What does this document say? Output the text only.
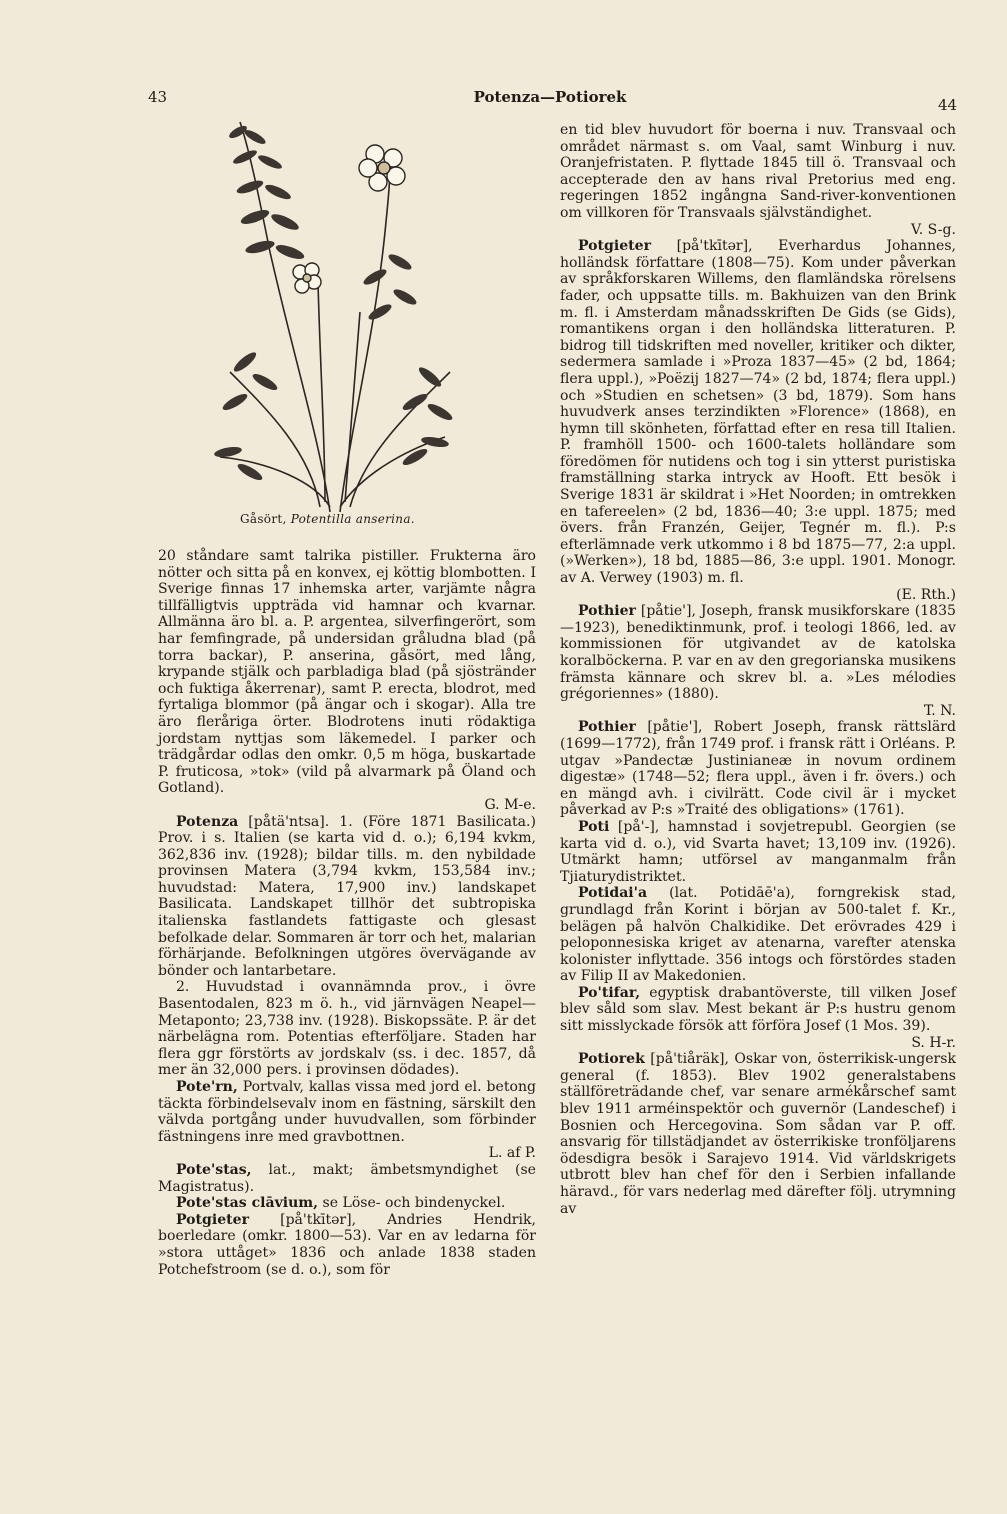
43	Potenza—Potiorek	44
Gåsört, Potentilla anserina.

20 ståndare samt talrika pistiller. Frukterna äro nötter och sitta på en konvex, ej köttig blombotten. I Sverige finnas 17 inhemska arter, varjämte några tillfälligtvis uppträda vid hamnar och kvarnar. Allmänna äro bl. a. P. argentea, silverfingerört, som har femfingrade, på undersidan gråludna blad (på torra backar), P. anserina, gåsört, med lång, krypande stjälk och parbladiga blad (på sjöstränder och fuktiga åkerrenar), samt P. erecta, blodrot, med fyrtaliga blommor (på ängar och i skogar). Alla tre äro fleråriga örter. Blodrotens inuti rödaktiga jordstam nyttjas som läkemedel. I parker och trädgårdar odlas den omkr. 0,5 m höga, buskartade P. fruticosa, »tok» (vild på alvarmark på Öland och Gotland).
G. M-e.

Potenza [påtä'ntsa]. 1. (Före 1871 Basilicata.) Prov. i s. Italien (se karta vid d. o.); 6,194 kvkm, 362,836 inv. (1928); bildar tills. m. den nybildade provinsen Matera (3,794 kvkm, 153,584 inv.; huvudstad: Matera, 17,900 inv.) landskapet Basilicata. Landskapet tillhör det subtropiska italienska fastlandets fattigaste och glesast befolkade delar. Sommaren är torr och het, malarian förhärjande. Befolkningen utgöres övervägande av bönder och lantarbetare.

2. Huvudstad i ovannämnda prov., i övre Basentodalen, 823 m ö. h., vid järnvägen Neapel—Metaponto; 23,738 inv. (1928). Biskopssäte. P. är det närbelägna rom. Potentias efterföljare. Staden har flera ggr förstörts av jordskalv (ss. i dec. 1857, då mer än 32,000 pers. i provinsen dödades).

Pote'rn, Portvalv, kallas vissa med jord el. betong täckta förbindelsevalv inom en fästning, särskilt den välvda portgång under huvudvallen, som förbinder fästningens inre med gravbottnen.
L. af P.

Pote'stas, lat., makt; ämbetsmyndighet (se Magistratus).

Pote'stas clāvium, se Löse- och bindenyckel.

Potgieter [på'tkītər], Andries Hendrik, boerledare (omkr. 1800—53). Var en av ledarna för »stora uttåget» 1836 och anlade 1838 staden Potchefstroom (se d. o.), som för

en tid blev huvudort för boerna i nuv. Transvaal och området närmast s. om Vaal, samt Winburg i nuv. Oranjefristaten. P. flyttade 1845 till ö. Transvaal och accepterade den av hans rival Pretorius med eng. regeringen 1852 ingångna Sand-river-konventionen om villkoren för Transvaals självständighet.
V. S-g.

Potgieter [på'tkītər], Everhardus Johannes, holländsk författare (1808—75). Kom under påverkan av språkforskaren Willems, den flamländska rörelsens fader, och uppsatte tills. m. Bakhuizen van den Brink m. fl. i Amsterdam månadsskriften De Gids (se Gids), romantikens organ i den holländska litteraturen. P. bidrog till tidskriften med noveller, kritiker och dikter, sedermera samlade i »Proza 1837—45» (2 bd, 1864; flera uppl.), »Poëzij 1827—74» (2 bd, 1874; flera uppl.) och »Studien en schetsen» (3 bd, 1879). Som hans huvudverk anses terzindikten »Florence» (1868), en hymn till skönheten, författad efter en resa till Italien. P. framhöll 1500- och 1600-talets holländare som föredömen för nutidens och tog i sin ytterst puristiska framställning starka intryck av Hooft. Ett besök i Sverige 1831 är skildrat i »Het Noorden; in omtrekken en tafereelen» (2 bd, 1836—40; 3:e uppl. 1875; med övers. från Franzén, Geijer, Tegnér m. fl.). P:s efterlämnade verk utkommo i 8 bd 1875—77, 2:a uppl. (»Werken»), 18 bd, 1885—86, 3:e uppl. 1901. Monogr. av A. Verwey (1903) m. fl.
(E. Rth.)

Pothier [påtie'], Joseph, fransk musikforskare (1835—1923), benediktinmunk, prof. i teologi 1866, led. av kommissionen för utgivandet av de katolska koralböckerna. P. var en av den gregorianska musikens främsta kännare och skrev bl. a. »Les mélodies grégoriennes» (1880).
T. N.

Pothier [påtie'], Robert Joseph, fransk rättslärd (1699—1772), från 1749 prof. i fransk rätt i Orléans. P. utgav »Pandectæ Justinianeæ in novum ordinem digestæ» (1748—52; flera uppl., även i fr. övers.) och en mängd avh. i civilrätt. Code civil är i mycket påverkad av P:s »Traité des obligations» (1761).

Poti [på'-], hamnstad i sovjetrepubl. Georgien (se karta vid d. o.), vid Svarta havet; 13,109 inv. (1926). Utmärkt hamn; utförsel av manganmalm från Tjiaturydistriktet.

Potidai'a (lat. Potidāē'a), forngrekisk stad, grundlagd från Korint i början av 500-talet f. Kr., belägen på halvön Chalkidike. Det erövrades 429 i peloponnesiska kriget av atenarna, varefter atenska kolonister inflyttade. 356 intogs och förstördes staden av Filip II av Makedonien.

Po'tifar, egyptisk drabantöverste, till vilken Josef blev såld som slav. Mest bekant är P:s hustru genom sitt misslyckade försök att förföra Josef (1 Mos. 39).
S. H-r.

Potiorek [på'tiåräk], Oskar von, österrikisk-ungersk general (f. 1853). Blev 1902 generalstabens ställföreträdande chef, var senare armékårschef samt blev 1911 arméinspektör och guvernör (Landeschef) i Bosnien och Hercegovina. Som sådan var P. off. ansvarig för tillstädjandet av österrikiske tronföljarens ödesdigra besök i Sarajevo 1914. Vid världskrigets utbrott blev han chef för den i Serbien infallande häravd., för vars nederlag med därefter följ. utrymning av
